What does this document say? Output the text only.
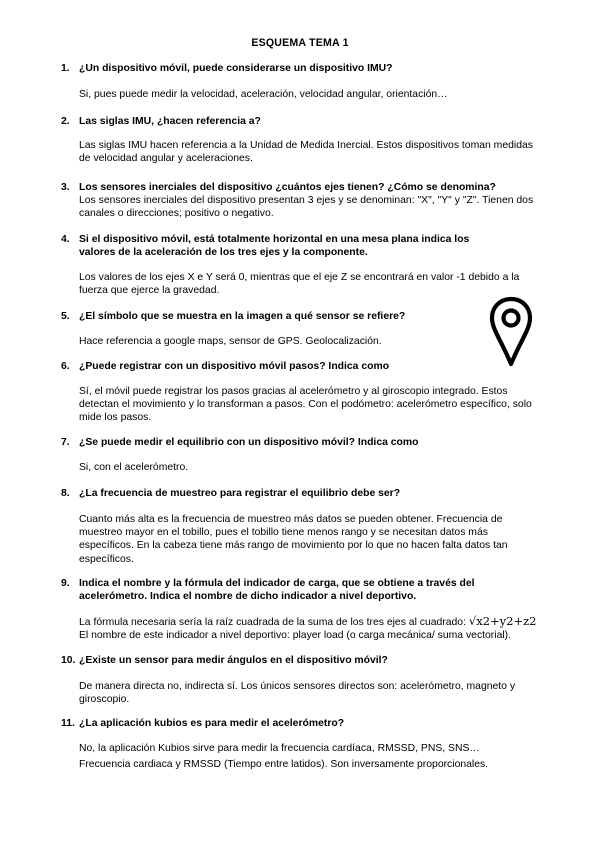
ESQUEMA TEMA 1
1. ¿Un dispositivo móvil, puede considerarse un dispositivo IMU?
Si, pues puede medir la velocidad, aceleración, velocidad angular, orientación…
2. Las siglas IMU, ¿hacen referencia a?
Las siglas IMU hacen referencia a la Unidad de Medida Inercial. Estos dispositivos toman medidas
de velocidad angular y aceleraciones.
3. Los sensores inerciales del dispositivo ¿cuántos ejes tienen? ¿Cómo se denomina?
Los sensores inerciales del dispositivo presentan 3 ejes y se denominan: "X", "Y" y "Z". Tienen dos
canales o direcciones; positivo o negativo.
4. Si el dispositivo móvil, está totalmente horizontal en una mesa plana indica los
valores de la aceleración de los tres ejes y la componente.
Los valores de los ejes X e Y será 0, mientras que el eje Z se encontrará en valor -1 debido a la
fuerza que ejerce la gravedad.
5. ¿El símbolo que se muestra en la imagen a qué sensor se refiere?
Hace referencia a google maps, sensor de GPS. Geolocalización.
6. ¿Puede registrar con un dispositivo móvil pasos? Indica como
Sí, el móvil puede registrar los pasos gracias al acelerómetro y al giroscopio integrado. Estos
detectan el movimiento y lo transforman a pasos. Con el podómetro: acelerómetro específico, solo
mide los pasos.
7. ¿Se puede medir el equilibrio con un dispositivo móvil? Indica como
Si, con el acelerómetro.
8. ¿La frecuencia de muestreo para registrar el equilibrio debe ser?
Cuanto más alta es la frecuencia de muestreo más datos se pueden obtener. Frecuencia de
muestreo mayor en el tobillo, pues el tobillo tiene menos rango y se necesitan datos más
específicos. En la cabeza tiene más rango de movimiento por lo que no hacen falta datos tan
específicos.
9. Indica el nombre y la fórmula del indicador de carga, que se obtiene a través del
acelerómetro. Indica el nombre de dicho indicador a nivel deportivo.
La fórmula necesaria sería la raíz cuadrada de la suma de los tres ejes al cuadrado: √x2+y2+z2
El nombre de este indicador a nivel deportivo: player load (o carga mecánica/ suma vectorial).
10. ¿Existe un sensor para medir ángulos en el dispositivo móvil?
De manera directa no, indirecta sí. Los únicos sensores directos son: acelerómetro, magneto y
giroscopio.
11. ¿La aplicación kubios es para medir el acelerómetro?
No, la aplicación Kubios sirve para medir la frecuencia cardíaca, RMSSD, PNS, SNS…
Frecuencia cardiaca y RMSSD (Tiempo entre latidos). Son inversamente proporcionales.
